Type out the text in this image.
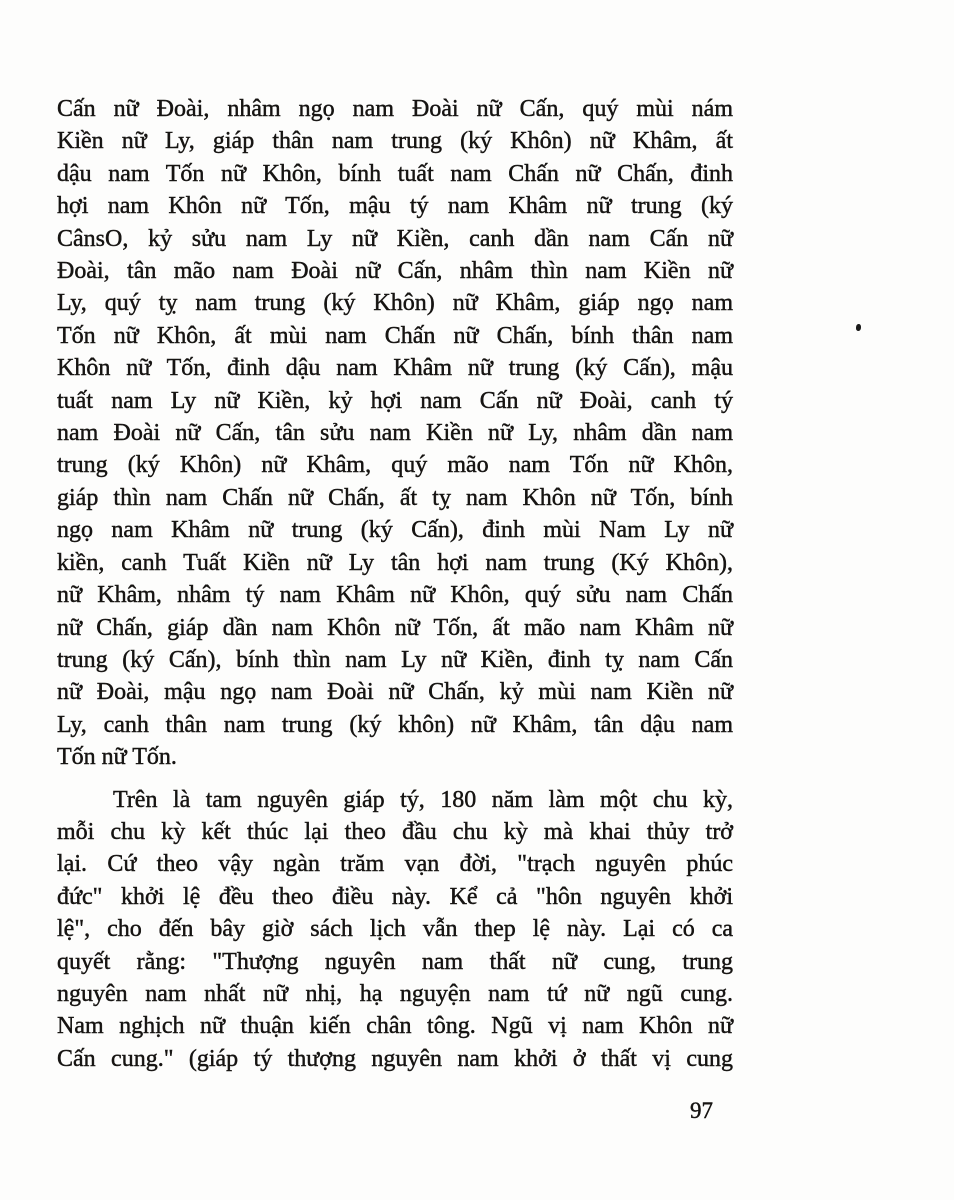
Cấn nữ Đoài, nhâm ngọ nam Đoài nữ Cấn, quý mùi nám
Kiền nữ Ly, giáp thân nam trung (ký Khôn) nữ Khâm, ất
dậu nam Tốn nữ Khôn, bính tuất nam Chấn nữ Chấn, đinh
hợi nam Khôn nữ Tốn, mậu tý nam Khâm nữ trung (ký
CânsO, kỷ sửu nam Ly nữ Kiền, canh dần nam Cấn nữ
Đoài, tân mão nam Đoài nữ Cấn, nhâm thìn nam Kiền nữ
Ly, quý tỵ nam trung (ký Khôn) nữ Khâm, giáp ngọ nam
Tốn nữ Khôn, ất mùi nam Chấn nữ Chấn, bính thân nam
Khôn nữ Tốn, đinh dậu nam Khâm nữ trung (ký Cấn), mậu
tuất nam Ly nữ Kiền, kỷ hợi nam Cấn nữ Đoài, canh tý
nam Đoài nữ Cấn, tân sửu nam Kiền nữ Ly, nhâm dần nam
trung (ký Khôn) nữ Khâm, quý mão nam Tốn nữ Khôn,
giáp thìn nam Chấn nữ Chấn, ất tỵ nam Khôn nữ Tốn, bính
ngọ nam Khâm nữ trung (ký Cấn), đinh mùi Nam Ly nữ
kiền, canh Tuất Kiền nữ Ly tân hợi nam trung (Ký Khôn),
nữ Khâm, nhâm tý nam Khâm nữ Khôn, quý sửu nam Chấn
nữ Chấn, giáp dần nam Khôn nữ Tốn, ất mão nam Khâm nữ
trung (ký Cấn), bính thìn nam Ly nữ Kiền, đinh tỵ nam Cấn
nữ Đoài, mậu ngọ nam Đoài nữ Chấn, kỷ mùi nam Kiền nữ
Ly, canh thân nam trung (ký khôn) nữ Khâm, tân dậu nam
Tốn nữ Tốn.
Trên là tam nguyên giáp tý, 180 năm làm một chu kỳ,
mỗi chu kỳ kết thúc lại theo đầu chu kỳ mà khai thủy trở
lại. Cứ theo vậy ngàn trăm vạn đời, "trạch nguyên phúc
đức" khởi lệ đều theo điều này. Kể cả "hôn nguyên khởi
lệ", cho đến bây giờ sách lịch vẫn thep lệ này. Lại có ca
quyết rằng: "Thượng nguyên nam thất nữ cung, trung
nguyên nam nhất nữ nhị, hạ nguyện nam tứ nữ ngũ cung.
Nam nghịch nữ thuận kiến chân tông. Ngũ vị nam Khôn nữ
Cấn cung." (giáp tý thượng nguyên nam khởi ở thất vị cung
97
